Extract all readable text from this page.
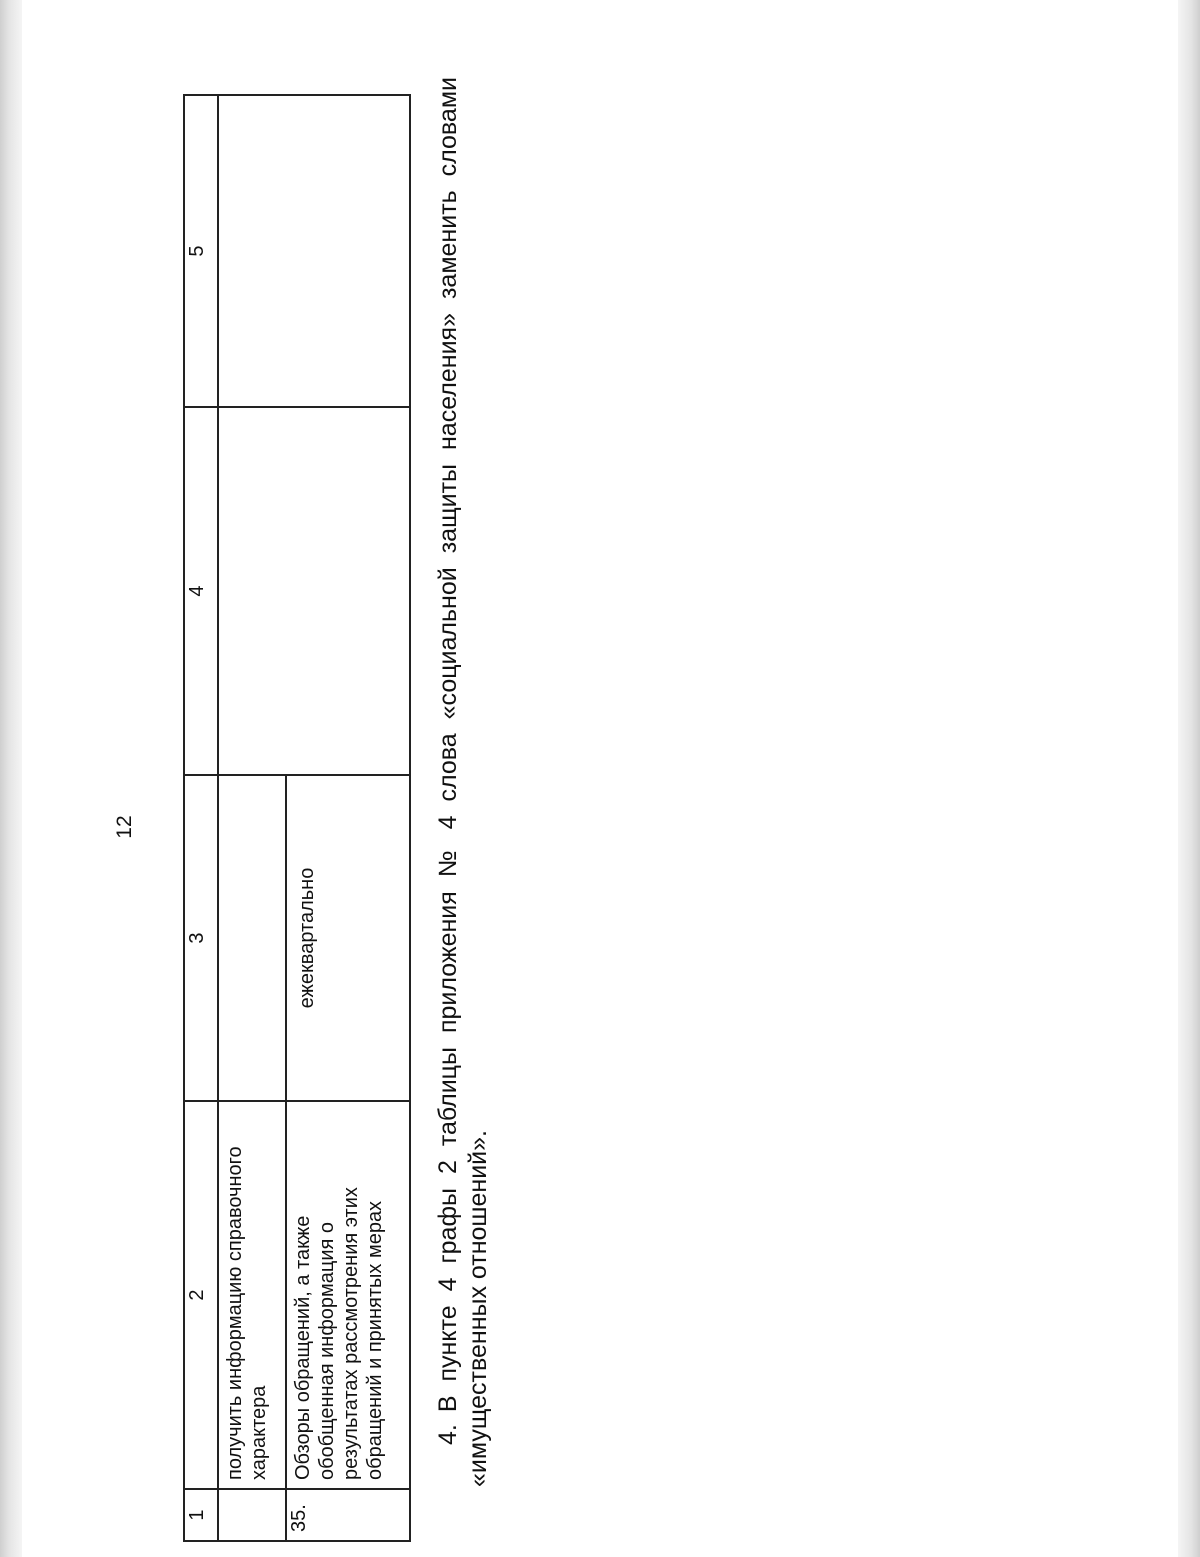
12
1	2	3	4	5
	получить информацию справочного характера			
35.	Обзоры обращений, а также обобщенная информация о результатах рассмотрения этих обращений и принятых мерах	ежеквартально		
4.В пункте 4 графы 2 таблицы приложения № 4 слова «социальной защиты населения» заменить словами «имущественных отношений».
